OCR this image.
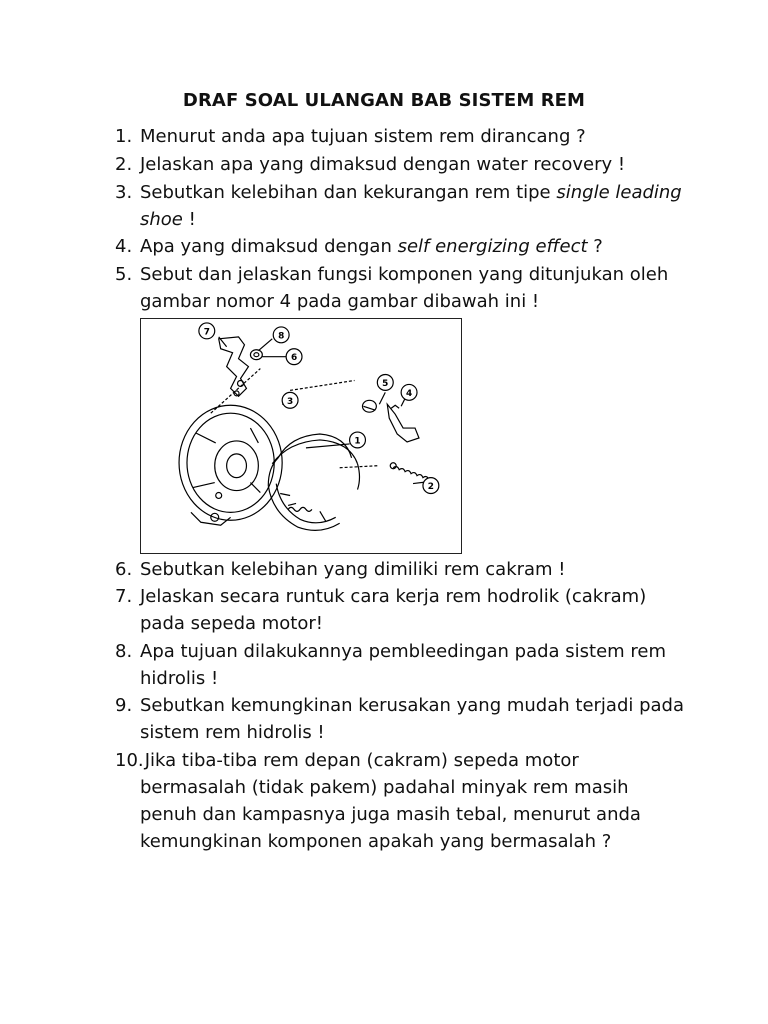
DRAF SOAL ULANGAN BAB SISTEM REM
1. Menurut anda apa tujuan sistem rem dirancang ?
2. Jelaskan apa yang dimaksud dengan water recovery !
3. Sebutkan kelebihan dan kekurangan rem tipe single leading
shoe !
4. Apa yang dimaksud dengan self energizing effect ?
5. Sebut dan jelaskan fungsi komponen yang ditunjukan oleh
gambar nomor 4 pada gambar dibawah ini !
7	8
6
3
5
4
1
2
6. Sebutkan kelebihan yang dimiliki rem cakram !
7. Jelaskan secara runtuk cara kerja rem hodrolik (cakram)
pada sepeda motor!
8. Apa tujuan dilakukannya pembleedingan pada sistem rem
hidrolis !
9. Sebutkan kemungkinan kerusakan yang mudah terjadi pada
sistem rem hidrolis !
10. Jika tiba-tiba rem depan (cakram) sepeda motor
bermasalah (tidak pakem) padahal minyak rem masih
penuh dan kampasnya juga masih tebal, menurut anda
kemungkinan komponen apakah yang bermasalah ?
